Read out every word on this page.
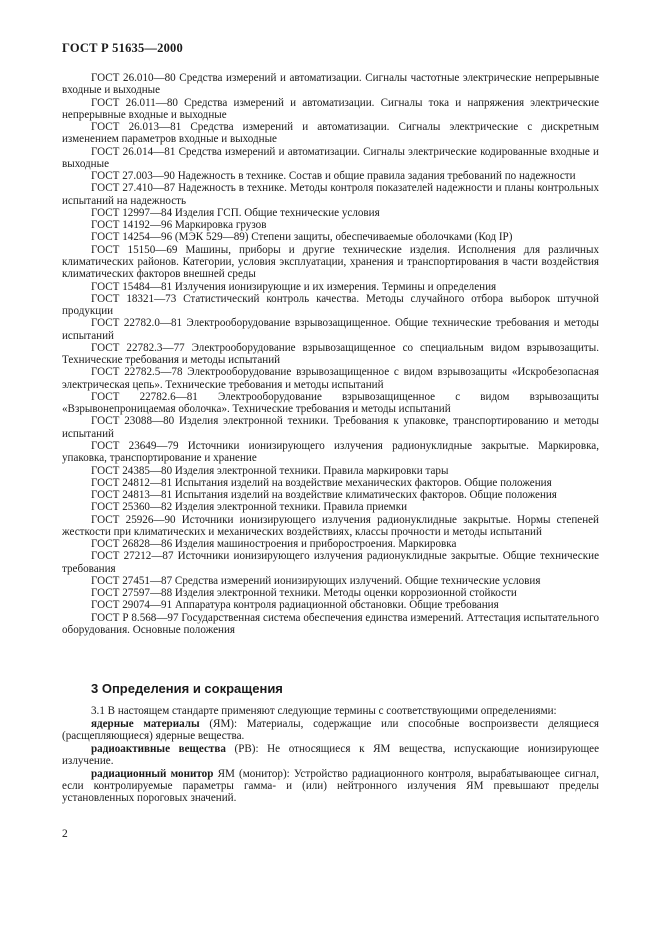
ГОСТ Р 51635—2000

ГОСТ 26.010—80 Средства измерений и автоматизации. Сигналы частотные электрические непрерывные входные и выходные

ГОСТ 26.011—80 Средства измерений и автоматизации. Сигналы тока и напряжения электрические непрерывные входные и выходные

ГОСТ 26.013—81 Средства измерений и автоматизации. Сигналы электрические с дискретным изменением параметров входные и выходные

ГОСТ 26.014—81 Средства измерений и автоматизации. Сигналы электрические кодированные входные и выходные

ГОСТ 27.003—90 Надежность в технике. Состав и общие правила задания требований по надежности

ГОСТ 27.410—87 Надежность в технике. Методы контроля показателей надежности и планы контрольных испытаний на надежность

ГОСТ 12997—84 Изделия ГСП. Общие технические условия

ГОСТ 14192—96 Маркировка грузов

ГОСТ 14254—96 (МЭК 529—89) Степени защиты, обеспечиваемые оболочками (Код IP)

ГОСТ 15150—69 Машины, приборы и другие технические изделия. Исполнения для различных климатических районов. Категории, условия эксплуатации, хранения и транспортирования в части воздействия климатических факторов внешней среды

ГОСТ 15484—81 Излучения ионизирующие и их измерения. Термины и определения

ГОСТ 18321—73 Статистический контроль качества. Методы случайного отбора выборок штучной продукции

ГОСТ 22782.0—81 Электрооборудование взрывозащищенное. Общие технические требования и методы испытаний

ГОСТ 22782.3—77 Электрооборудование взрывозащищенное со специальным видом взрывозащиты. Технические требования и методы испытаний

ГОСТ 22782.5—78 Электрооборудование взрывозащищенное с видом взрывозащиты «Искробезопасная электрическая цепь». Технические требования и методы испытаний

ГОСТ 22782.6—81 Электрооборудование взрывозащищенное с видом взрывозащиты «Взрывонепроницаемая оболочка». Технические требования и методы испытаний

ГОСТ 23088—80 Изделия электронной техники. Требования к упаковке, транспортированию и методы испытаний

ГОСТ 23649—79 Источники ионизирующего излучения радионуклидные закрытые. Маркировка, упаковка, транспортирование и хранение

ГОСТ 24385—80 Изделия электронной техники. Правила маркировки тары

ГОСТ 24812—81 Испытания изделий на воздействие механических факторов. Общие положения

ГОСТ 24813—81 Испытания изделий на воздействие климатических факторов. Общие положения

ГОСТ 25360—82 Изделия электронной техники. Правила приемки

ГОСТ 25926—90 Источники ионизирующего излучения радионуклидные закрытые. Нормы степеней жесткости при климатических и механических воздействиях, классы прочности и методы испытаний

ГОСТ 26828—86 Изделия машиностроения и приборостроения. Маркировка

ГОСТ 27212—87 Источники ионизирующего излучения радионуклидные закрытые. Общие технические требования

ГОСТ 27451—87 Средства измерений ионизирующих излучений. Общие технические условия

ГОСТ 27597—88 Изделия электронной техники. Методы оценки коррозионной стойкости

ГОСТ 29074—91 Аппаратура контроля радиационной обстановки. Общие требования

ГОСТ Р 8.568—97 Государственная система обеспечения единства измерений. Аттестация испытательного оборудования. Основные положения

3 Определения и сокращения

3.1 В настоящем стандарте применяют следующие термины с соответствующими определениями:

ядерные материалы (ЯМ): Материалы, содержащие или способные воспроизвести делящиеся (расщепляющиеся) ядерные вещества.

радиоактивные вещества (РВ): Не относящиеся к ЯМ вещества, испускающие ионизирующее излучение.

радиационный монитор ЯМ (монитор): Устройство радиационного контроля, вырабатывающее сигнал, если контролируемые параметры гамма- и (или) нейтронного излучения ЯМ превышают пределы установленных пороговых значений.

2
